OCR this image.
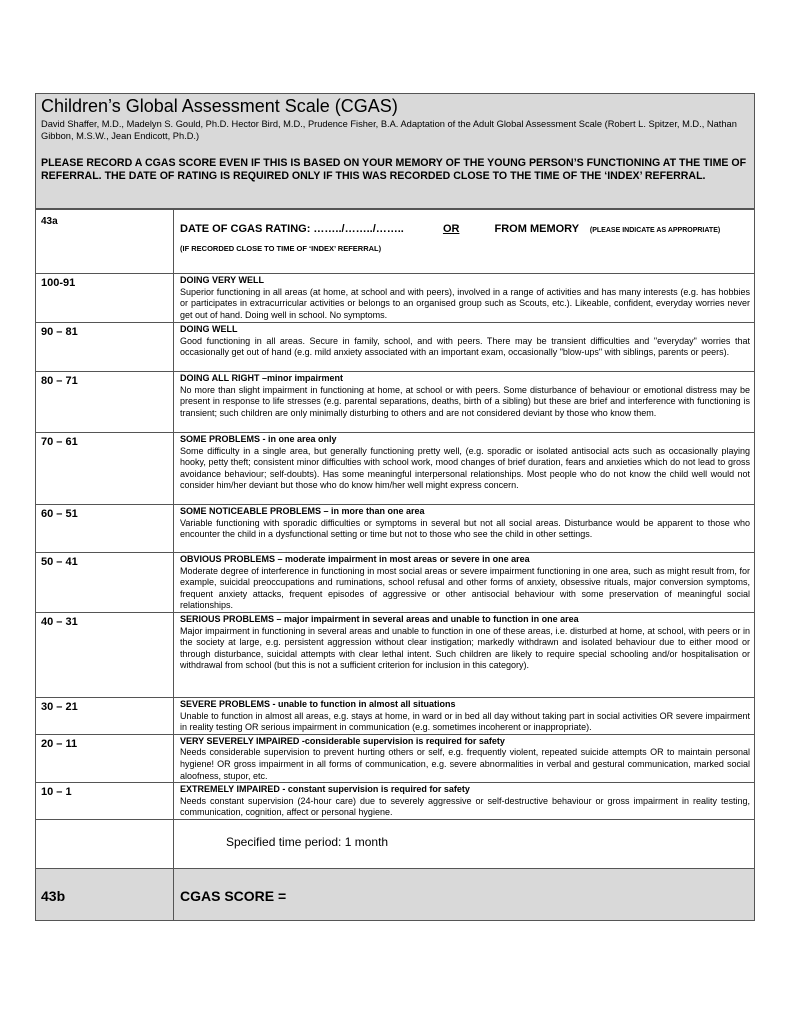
Children’s Global Assessment Scale (CGAS)
David Shaffer, M.D., Madelyn S. Gould, Ph.D. Hector Bird, M.D., Prudence Fisher, B.A. Adaptation of the Adult Global Assessment Scale (Robert L. Spitzer, M.D., Nathan Gibbon, M.S.W., Jean Endicott, Ph.D.)
PLEASE RECORD A CGAS SCORE EVEN IF THIS IS BASED ON YOUR MEMORY OF THE YOUNG PERSON’S FUNCTIONING AT THE TIME OF REFERRAL. THE DATE OF RATING IS REQUIRED ONLY IF THIS WAS RECORDED CLOSE TO THE TIME OF THE ‘INDEX’ REFERRAL.
43a	DATE OF CGAS RATING: ……../……../…….. OR FROM MEMORY (PLEASE INDICATE AS APPROPRIATE)
(IF RECORDED CLOSE TO TIME OF ‘INDEX’ REFERRAL)

100-91	DOING VERY WELL
Superior functioning in all areas (at home, at school and with peers), involved in a range of activities and has many interests (e.g. has hobbies or participates in extracurricular activities or belongs to an organised group such as Scouts, etc.). Likeable, confident, everyday worries never get out of hand. Doing well in school. No symptoms.

90 – 81	DOING WELL
Good functioning in all areas. Secure in family, school, and with peers. There may be transient difficulties and "everyday" worries that occasionally get out of hand (e.g. mild anxiety associated with an important exam, occasionally "blow-ups" with siblings, parents or peers).

80 – 71	DOING ALL RIGHT –minor impairment
No more than slight impairment in functioning at home, at school or with peers. Some disturbance of behaviour or emotional distress may be present in response to life stresses (e.g. parental separations, deaths, birth of a sibling) but these are brief and interference with functioning is transient; such children are only minimally disturbing to others and are not considered deviant by those who know them.

70 – 61	SOME PROBLEMS - in one area only
Some difficulty in a single area, but generally functioning pretty well, (e.g. sporadic or isolated antisocial acts such as occasionally playing hooky, petty theft; consistent minor difficulties with school work, mood changes of brief duration, fears and anxieties which do not lead to gross avoidance behaviour; self-doubts). Has some meaningful interpersonal relationships. Most people who do not know the child well would not consider him/her deviant but those who do know him/her well might express concern.

60 – 51	SOME NOTICEABLE PROBLEMS – in more than one area
Variable functioning with sporadic difficulties or symptoms in several but not all social areas. Disturbance would be apparent to those who encounter the child in a dysfunctional setting or time but not to those who see the child in other settings.

50 – 41	OBVIOUS PROBLEMS – moderate impairment in most areas or severe in one area
Moderate degree of interference in functioning in most social areas or severe impairment functioning in one area, such as might result from, for example, suicidal preoccupations and ruminations, school refusal and other forms of anxiety, obsessive rituals, major conversion symptoms, frequent anxiety attacks, frequent episodes of aggressive or other antisocial behaviour with some preservation of meaningful social relationships.

40 – 31	SERIOUS PROBLEMS – major impairment in several areas and unable to function in one area
Major impairment in functioning in several areas and unable to function in one of these areas, i.e. disturbed at home, at school, with peers or in the society at large, e.g. persistent aggression without clear instigation; markedly withdrawn and isolated behaviour due to either mood or through disturbance, suicidal attempts with clear lethal intent. Such children are likely to require special schooling and/or hospitalisation or withdrawal from school (but this is not a sufficient criterion for inclusion in this category).

30 – 21	SEVERE PROBLEMS - unable to function in almost all situations
Unable to function in almost all areas, e.g. stays at home, in ward or in bed all day without taking part in social activities OR severe impairment in reality testing OR serious impairment in communication (e.g. sometimes incoherent or inappropriate).

20 – 11	VERY SEVERELY IMPAIRED -considerable supervision is required for safety
Needs considerable supervision to prevent hurting others or self, e.g. frequently violent, repeated suicide attempts OR to maintain personal hygiene! OR gross impairment in all forms of communication, e.g. severe abnormalities in verbal and gestural communication, marked social aloofness, stupor, etc.

10 – 1	EXTREMELY IMPAIRED - constant supervision is required for safety
Needs constant supervision (24-hour care) due to severely aggressive or self-destructive behaviour or gross impairment in reality testing, communication, cognition, affect or personal hygiene.

	Specified time period: 1 month

43b	CGAS SCORE =
